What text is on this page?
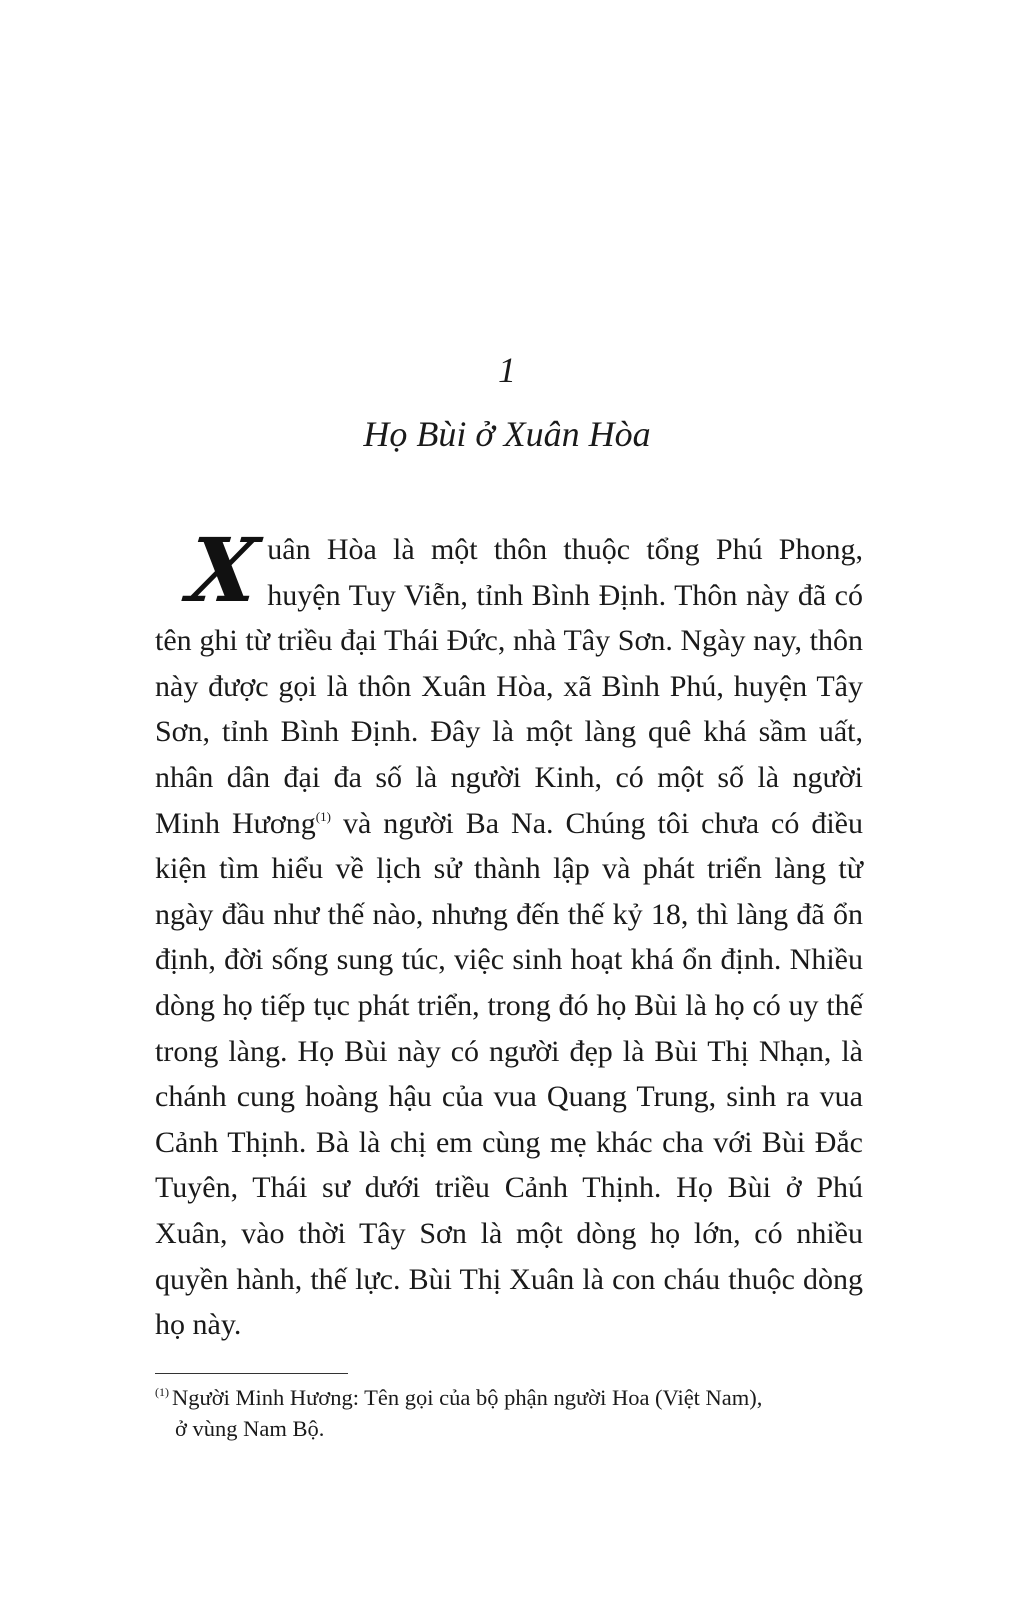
1
Họ Bùi ở Xuân Hòa

Xuân Hòa là một thôn thuộc tổng Phú Phong, huyện Tuy Viễn, tỉnh Bình Định. Thôn này đã có tên ghi từ triều đại Thái Đức, nhà Tây Sơn. Ngày nay, thôn này được gọi là thôn Xuân Hòa, xã Bình Phú, huyện Tây Sơn, tỉnh Bình Định. Đây là một làng quê khá sầm uất, nhân dân đại đa số là người Kinh, có một số là người Minh Hương$^{(1)}$ và người Ba Na. Chúng tôi chưa có điều kiện tìm hiểu về lịch sử thành lập và phát triển làng từ ngày đầu như thế nào, nhưng đến thế kỷ 18, thì làng đã ổn định, đời sống sung túc, việc sinh hoạt khá ổn định. Nhiều dòng họ tiếp tục phát triển, trong đó họ Bùi là họ có uy thế trong làng. Họ Bùi này có người đẹp là Bùi Thị Nhạn, là chánh cung hoàng hậu của vua Quang Trung, sinh ra vua Cảnh Thịnh. Bà là chị em cùng mẹ khác cha với Bùi Đắc Tuyên, Thái sư dưới triều Cảnh Thịnh. Họ Bùi ở Phú Xuân, vào thời Tây Sơn là một dòng họ lớn, có nhiều quyền hành, thế lực. Bùi Thị Xuân là con cháu thuộc dòng họ này.

$^{(1)}$ Người Minh Hương: Tên gọi của bộ phận người Hoa (Việt Nam),
ở vùng Nam Bộ.
